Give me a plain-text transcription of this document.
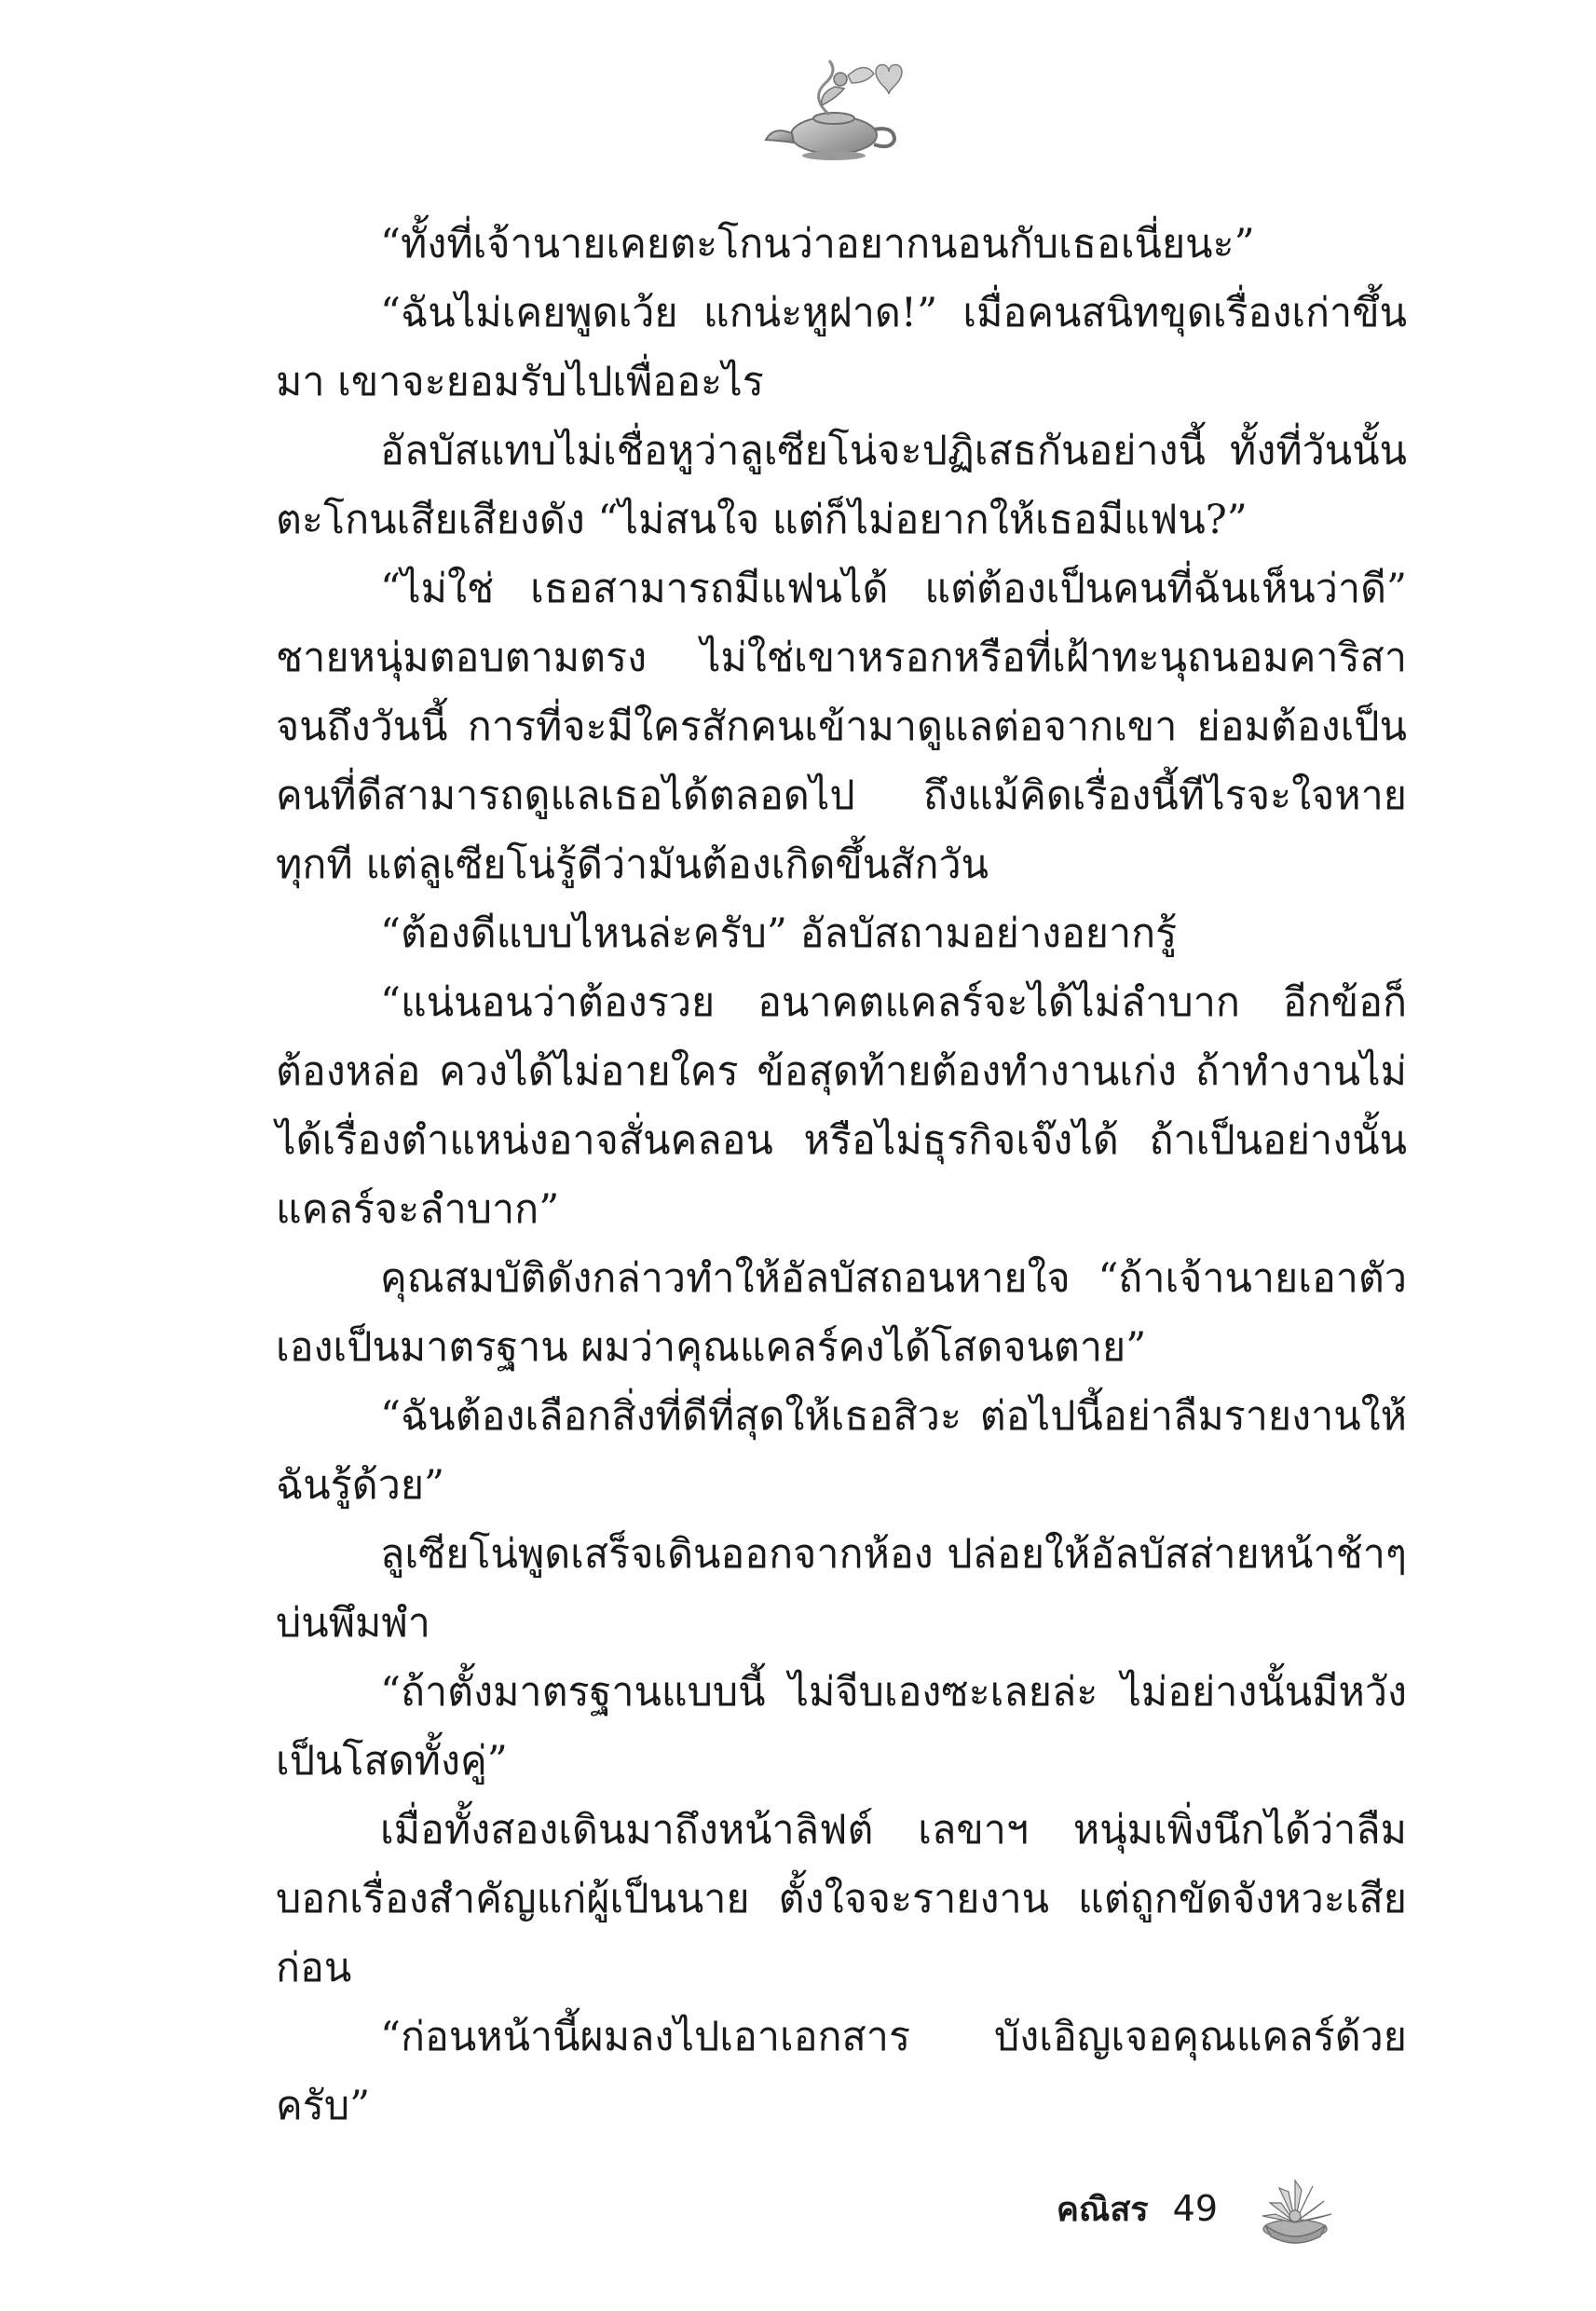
“ทั้งที่เจ้านายเคยตะโกนว่าอยากนอนกับเธอเนี่ยนะ”

“ฉันไม่เคยพูดเว้ย แกน่ะหูฝาด!” เมื่อคนสนิทขุดเรื่องเก่าขึ้นมา เขาจะยอมรับไปเพื่ออะไร

อัลบัสแทบไม่เชื่อหูว่าลูเซียโน่จะปฏิเสธกันอย่างนี้ ทั้งที่วันนั้นตะโกนเสียเสียงดัง “ไม่สนใจ แต่ก็ไม่อยากให้เธอมีแฟน?”

“ไม่ใช่ เธอสามารถมีแฟนได้ แต่ต้องเป็นคนที่ฉันเห็นว่าดี” ชายหนุ่มตอบตามตรง ไม่ใช่เขาหรอกหรือที่เฝ้าทะนุถนอมคาริสาจนถึงวันนี้ การที่จะมีใครสักคนเข้ามาดูแลต่อจากเขา ย่อมต้องเป็นคนที่ดีสามารถดูแลเธอได้ตลอดไป ถึงแม้คิดเรื่องนี้ทีไรจะใจหายทุกที แต่ลูเซียโน่รู้ดีว่ามันต้องเกิดขึ้นสักวัน

“ต้องดีแบบไหนล่ะครับ” อัลบัสถามอย่างอยากรู้

“แน่นอนว่าต้องรวย อนาคตแคลร์จะได้ไม่ลำบาก อีกข้อก็ต้องหล่อ ควงได้ไม่อายใคร ข้อสุดท้ายต้องทำงานเก่ง ถ้าทำงานไม่ได้เรื่องตำแหน่งอาจสั่นคลอน หรือไม่ธุรกิจเจ๊งได้ ถ้าเป็นอย่างนั้นแคลร์จะลำบาก”

คุณสมบัติดังกล่าวทำให้อัลบัสถอนหายใจ “ถ้าเจ้านายเอาตัวเองเป็นมาตรฐาน ผมว่าคุณแคลร์คงได้โสดจนตาย”

“ฉันต้องเลือกสิ่งที่ดีที่สุดให้เธอสิวะ ต่อไปนี้อย่าลืมรายงานให้ฉันรู้ด้วย”

ลูเซียโน่พูดเสร็จเดินออกจากห้อง ปล่อยให้อัลบัสส่ายหน้าช้าๆ บ่นพึมพำ

“ถ้าตั้งมาตรฐานแบบนี้ ไม่จีบเองซะเลยล่ะ ไม่อย่างนั้นมีหวังเป็นโสดทั้งคู่”

เมื่อทั้งสองเดินมาถึงหน้าลิฟต์ เลขาฯ หนุ่มเพิ่งนึกได้ว่าลืมบอกเรื่องสำคัญแก่ผู้เป็นนาย ตั้งใจจะรายงาน แต่ถูกขัดจังหวะเสียก่อน

“ก่อนหน้านี้ผมลงไปเอาเอกสาร บังเอิญเจอคุณแคลร์ด้วยครับ”

คณิสร 49
